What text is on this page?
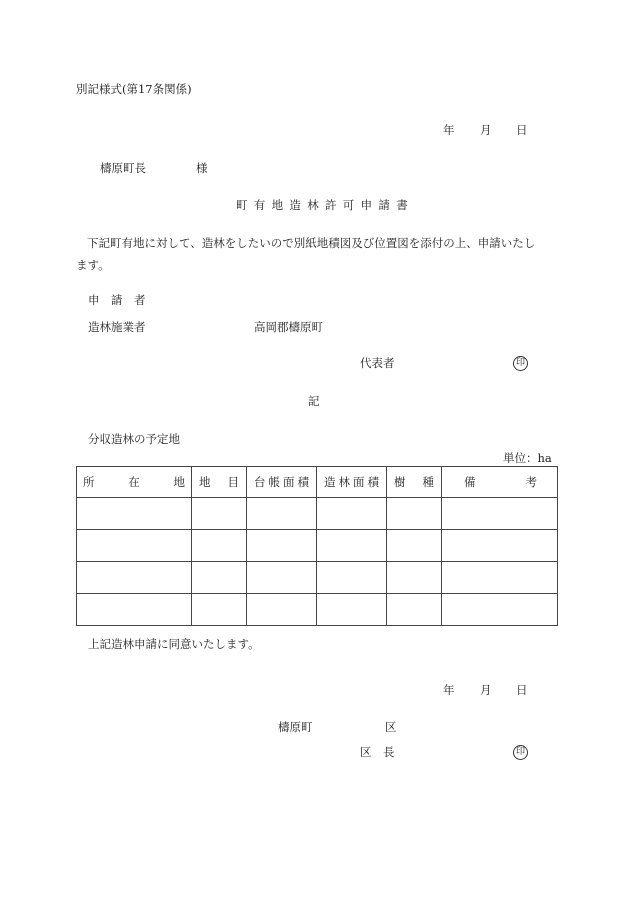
別記様式(第17条関係)
年 月 日
檮原町長	様
町有地造林許可申請書
下記町有地に対して、造林をしたいので別紙地積図及び位置図を添付の上、申請いたし
ます。
申　請　者
造林施業者	高岡郡檮原町
代表者	印
記
分収造林の予定地
単位：ha
所 在 地	地 目	台 帳 面 積	造 林 面 積	樹 種	備 考

上記造林申請に同意いたします。
年 月 日
檮原町	区
区　長	印
